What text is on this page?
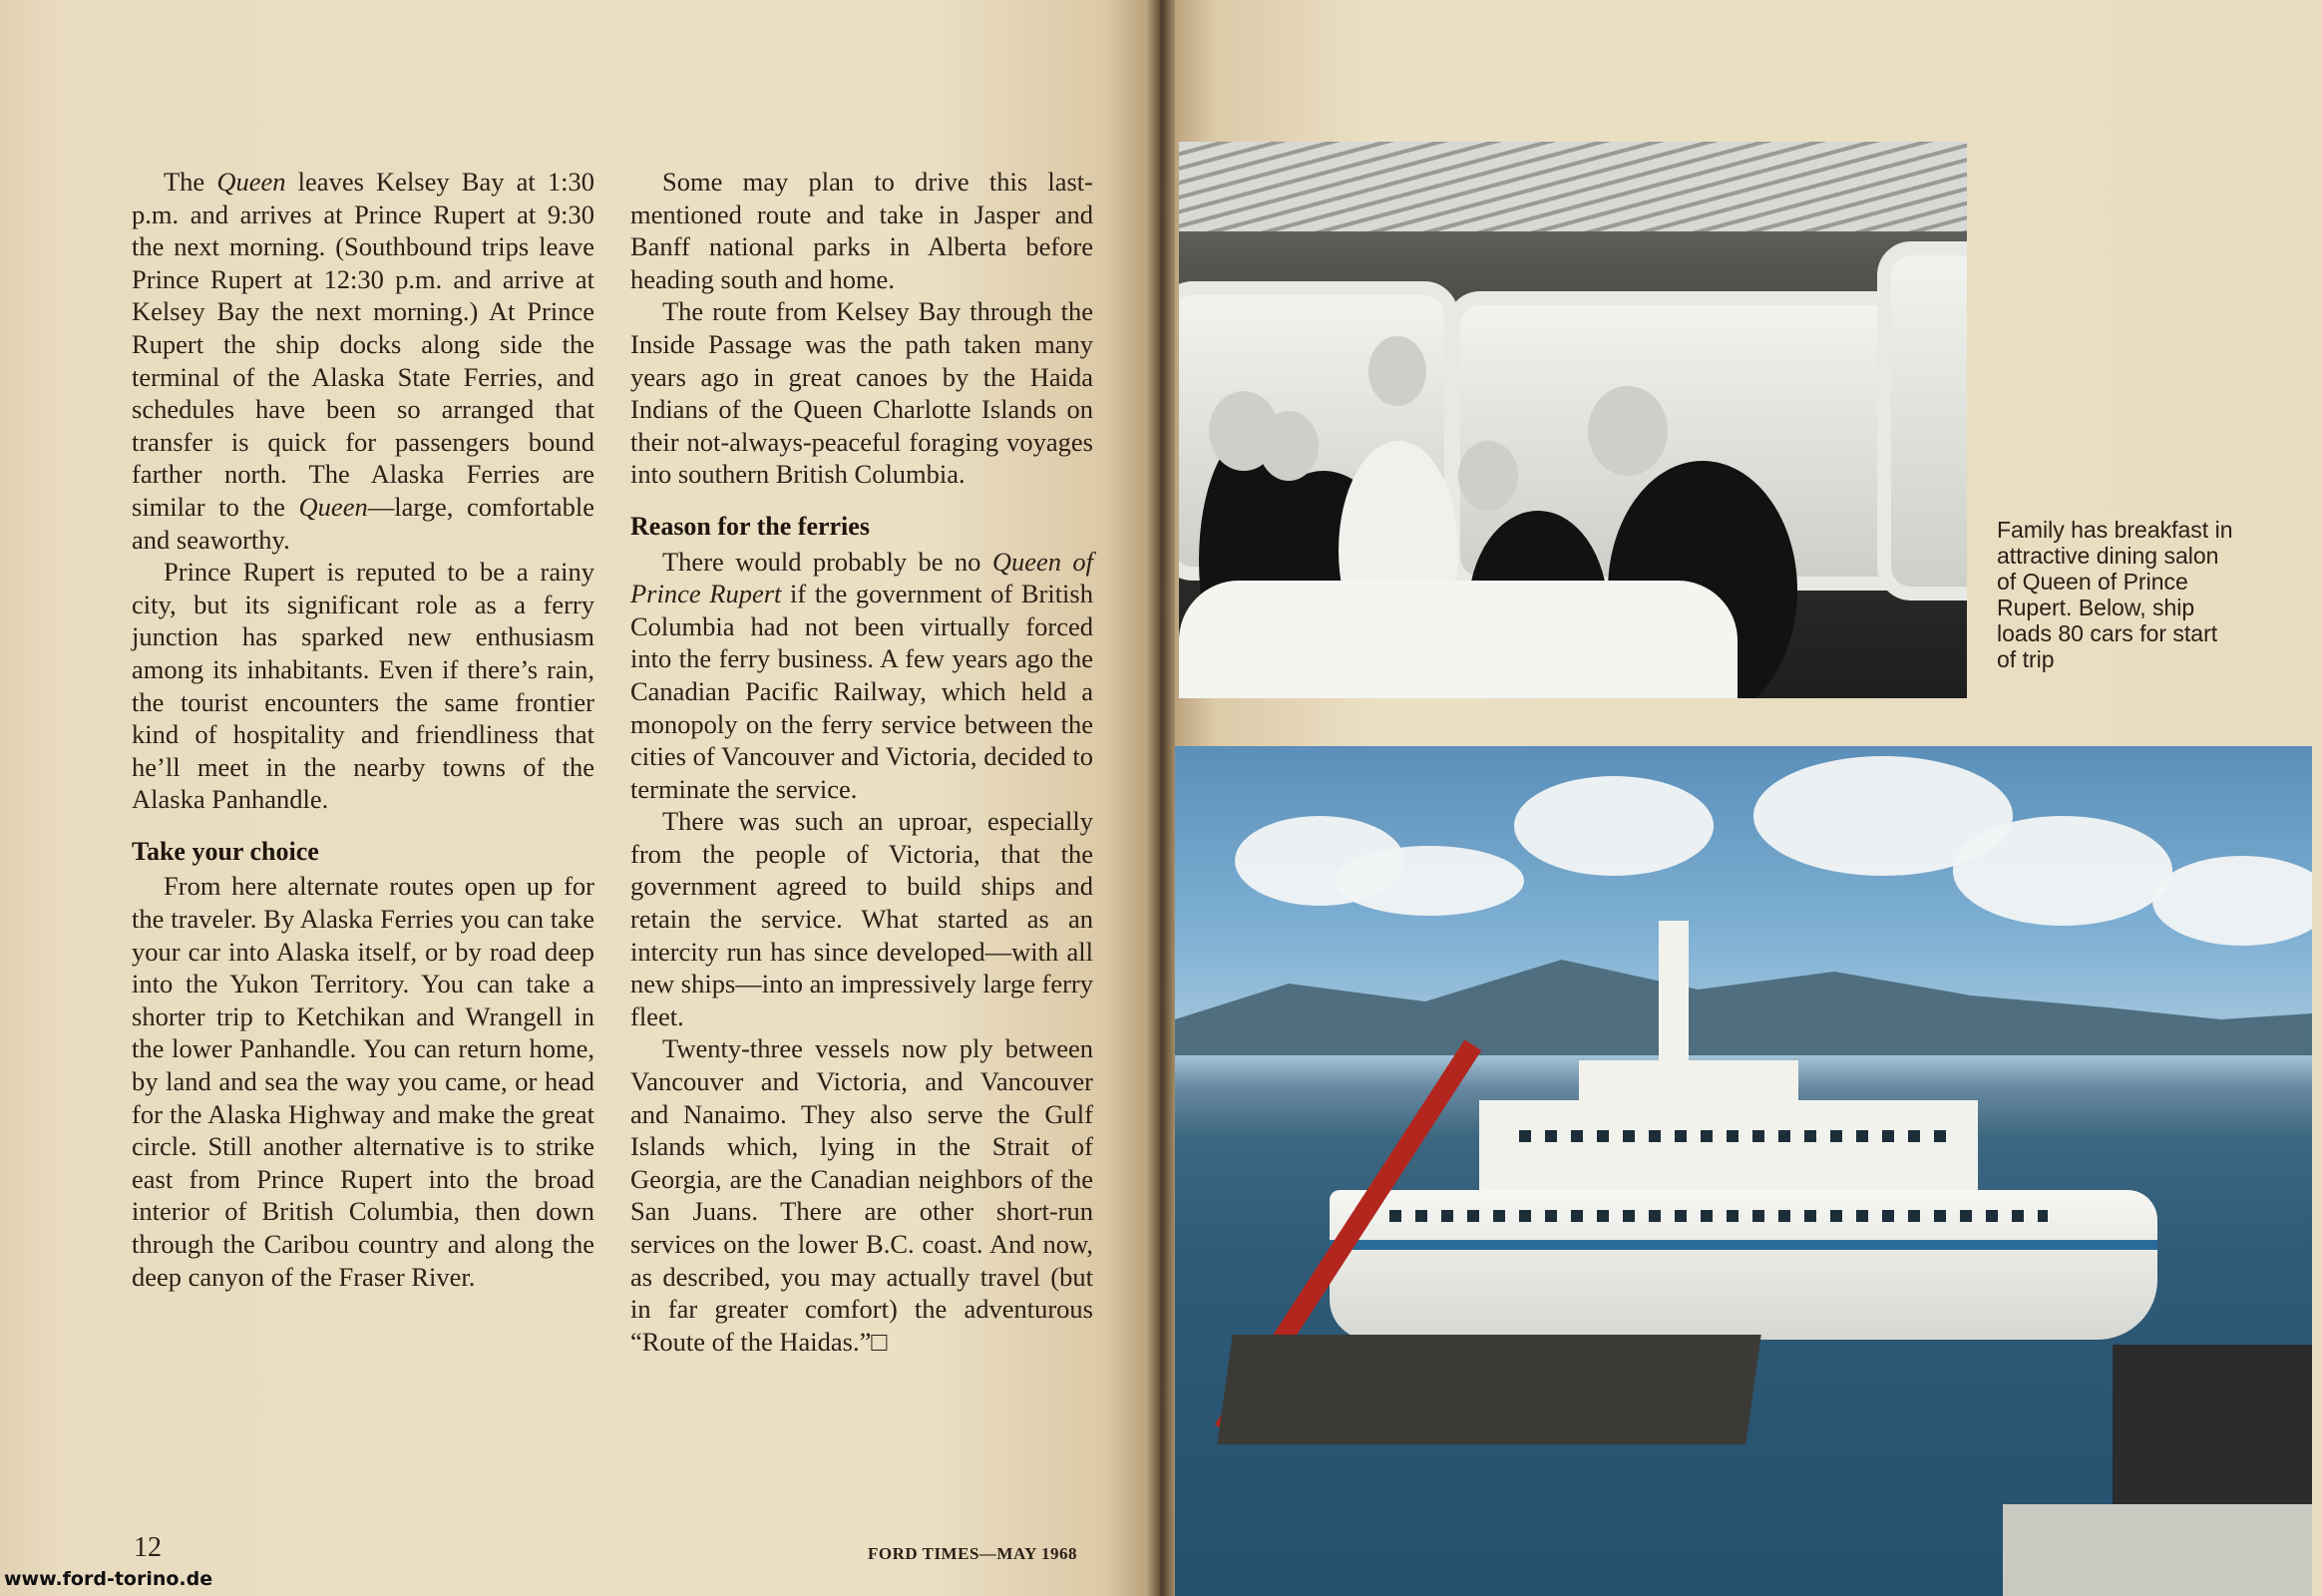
The Queen leaves Kelsey Bay at 1:30 p.m. and arrives at Prince Rupert at 9:30 the next morning. (Southbound trips leave Prince Rupert at 12:30 p.m. and arrive at Kelsey Bay the next morning.) At Prince Rupert the ship docks along side the terminal of the Alaska State Ferries, and schedules have been so arranged that transfer is quick for passengers bound farther north. The Alaska Ferries are similar to the Queen—large, comfortable and seaworthy.

Prince Rupert is reputed to be a rainy city, but its significant role as a ferry junction has sparked new enthusiasm among its inhabitants. Even if there’s rain, the tourist encounters the same frontier kind of hospitality and friendliness that he’ll meet in the nearby towns of the Alaska Panhandle.

Take your choice

From here alternate routes open up for the traveler. By Alaska Ferries you can take your car into Alaska itself, or by road deep into the Yukon Territory. You can take a shorter trip to Ketchikan and Wrangell in the lower Panhandle. You can return home, by land and sea the way you came, or head for the Alaska Highway and make the great circle. Still another alternative is to strike east from Prince Rupert into the broad interior of British Columbia, then down through the Caribou country and along the deep canyon of the Fraser River.

Some may plan to drive this last-mentioned route and take in Jasper and Banff national parks in Alberta before heading south and home.

The route from Kelsey Bay through the Inside Passage was the path taken many years ago in great canoes by the Haida Indians of the Queen Charlotte Islands on their not-always-peaceful foraging voyages into southern British Columbia.

Reason for the ferries

There would probably be no Queen of Prince Rupert if the government of British Columbia had not been virtually forced into the ferry business. A few years ago the Canadian Pacific Railway, which held a monopoly on the ferry service between the cities of Vancouver and Victoria, decided to terminate the service.

There was such an uproar, especially from the people of Victoria, that the government agreed to build ships and retain the service. What started as an intercity run has since developed—with all new ships—into an impressively large ferry fleet.

Twenty-three vessels now ply between Vancouver and Victoria, and Vancouver and Nanaimo. They also serve the Gulf Islands which, lying in the Strait of Georgia, are the Canadian neighbors of the San Juans. There are other short-run services on the lower B.C. coast. And now, as described, you may actually travel (but in far greater comfort) the adventurous “Route of the Haidas.”□

12	FORD TIMES—MAY 1968
Family has breakfast in attractive dining salon of Queen of Prince Rupert. Below, ship loads 80 cars for start of trip
www.ford-torino.de
